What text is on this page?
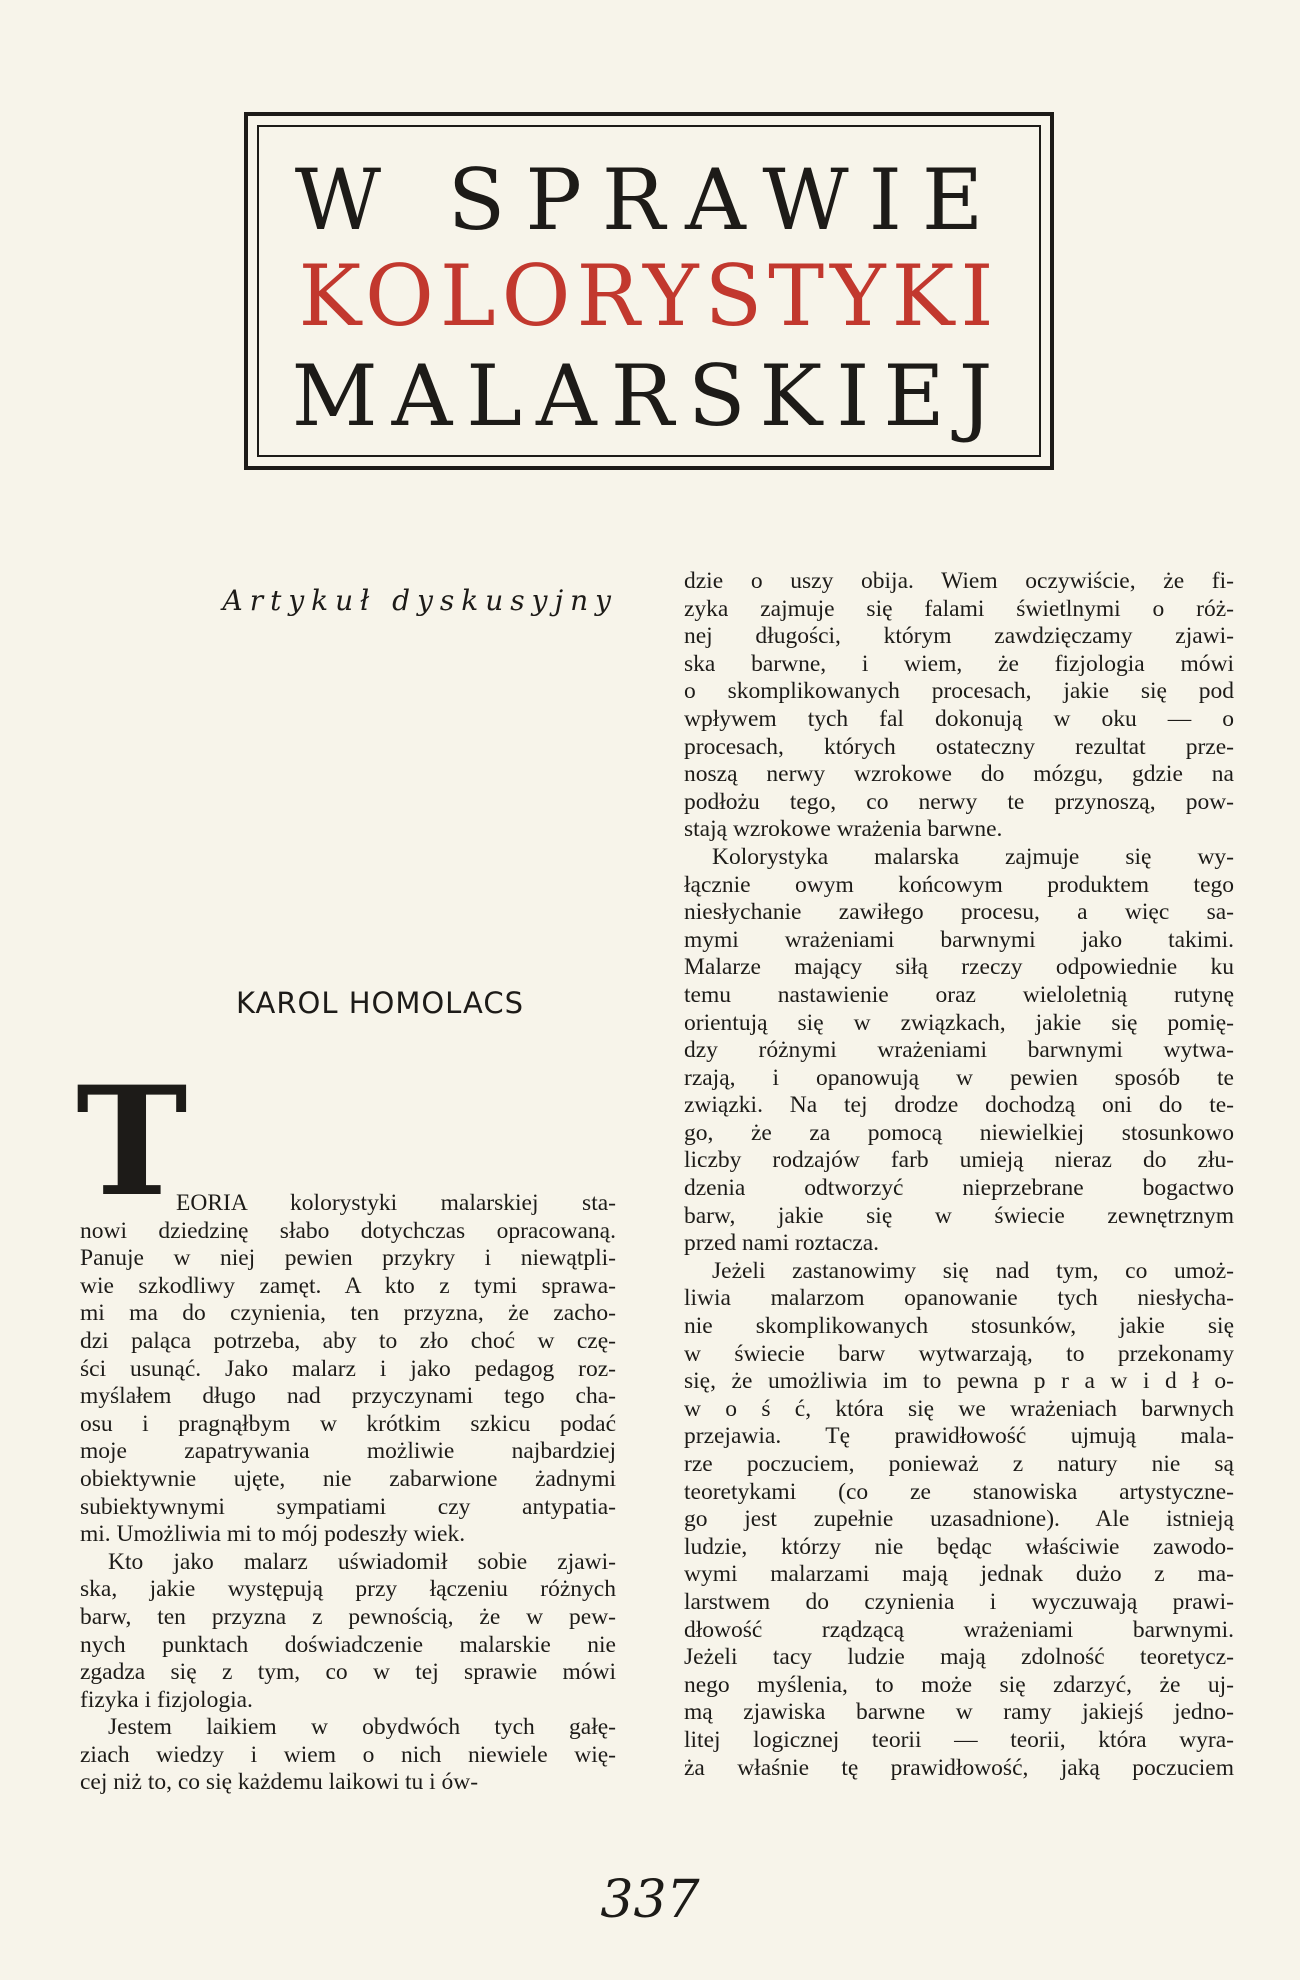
W SPRAWIE
KOLORYSTYKI
MALARSKIEJ
Artykuł dyskusyjny
KAROL HOMOLACS
T
EORIA kolorystyki malarskiej sta-
nowi dziedzinę słabo dotychczas opracowaną.
Panuje w niej pewien przykry i niewątpli-
wie szkodliwy zamęt. A kto z tymi sprawa-
mi ma do czynienia, ten przyzna, że zacho-
dzi paląca potrzeba, aby to zło choć w czę-
ści usunąć. Jako malarz i jako pedagog roz-
myślałem długo nad przyczynami tego cha-
osu i pragnąłbym w krótkim szkicu podać
moje zapatrywania możliwie najbardziej
obiektywnie ujęte, nie zabarwione żadnymi
subiektywnymi sympatiami czy antypatia-
mi. Umożliwia mi to mój podeszły wiek.
Kto jako malarz uświadomił sobie zjawi-
ska, jakie występują przy łączeniu różnych
barw, ten przyzna z pewnością, że w pew-
nych punktach doświadczenie malarskie nie
zgadza się z tym, co w tej sprawie mówi
fizyka i fizjologia.
Jestem laikiem w obydwóch tych gałę-
ziach wiedzy i wiem o nich niewiele wię-
cej niż to, co się każdemu laikowi tu i ów-
dzie o uszy obija. Wiem oczywiście, że fi-
zyka zajmuje się falami świetlnymi o róż-
nej długości, którym zawdzięczamy zjawi-
ska barwne, i wiem, że fizjologia mówi
o skomplikowanych procesach, jakie się pod
wpływem tych fal dokonują w oku — o
procesach, których ostateczny rezultat prze-
noszą nerwy wzrokowe do mózgu, gdzie na
podłożu tego, co nerwy te przynoszą, pow-
stają wzrokowe wrażenia barwne.
Kolorystyka malarska zajmuje się wy-
łącznie owym końcowym produktem tego
niesłychanie zawiłego procesu, a więc sa-
mymi wrażeniami barwnymi jako takimi.
Malarze mający siłą rzeczy odpowiednie ku
temu nastawienie oraz wieloletnią rutynę
orientują się w związkach, jakie się pomię-
dzy różnymi wrażeniami barwnymi wytwa-
rzają, i opanowują w pewien sposób te
związki. Na tej drodze dochodzą oni do te-
go, że za pomocą niewielkiej stosunkowo
liczby rodzajów farb umieją nieraz do złu-
dzenia odtworzyć nieprzebrane bogactwo
barw, jakie się w świecie zewnętrznym
przed nami roztacza.
Jeżeli zastanowimy się nad tym, co umoż-
liwia malarzom opanowanie tych niesłycha-
nie skomplikowanych stosunków, jakie się
w świecie barw wytwarzają, to przekonamy
się, że umożliwia im to pewna p r a w i d ł o-
w o ś ć, która się we wrażeniach barwnych
przejawia. Tę prawidłowość ujmują mala-
rze poczuciem, ponieważ z natury nie są
teoretykami (co ze stanowiska artystyczne-
go jest zupełnie uzasadnione). Ale istnieją
ludzie, którzy nie będąc właściwie zawodo-
wymi malarzami mają jednak dużo z ma-
larstwem do czynienia i wyczuwają prawi-
dłowość rządzącą wrażeniami barwnymi.
Jeżeli tacy ludzie mają zdolność teoretycz-
nego myślenia, to może się zdarzyć, że uj-
mą zjawiska barwne w ramy jakiejś jedno-
litej logicznej teorii — teorii, która wyra-
ża właśnie tę prawidłowość, jaką poczuciem
337
